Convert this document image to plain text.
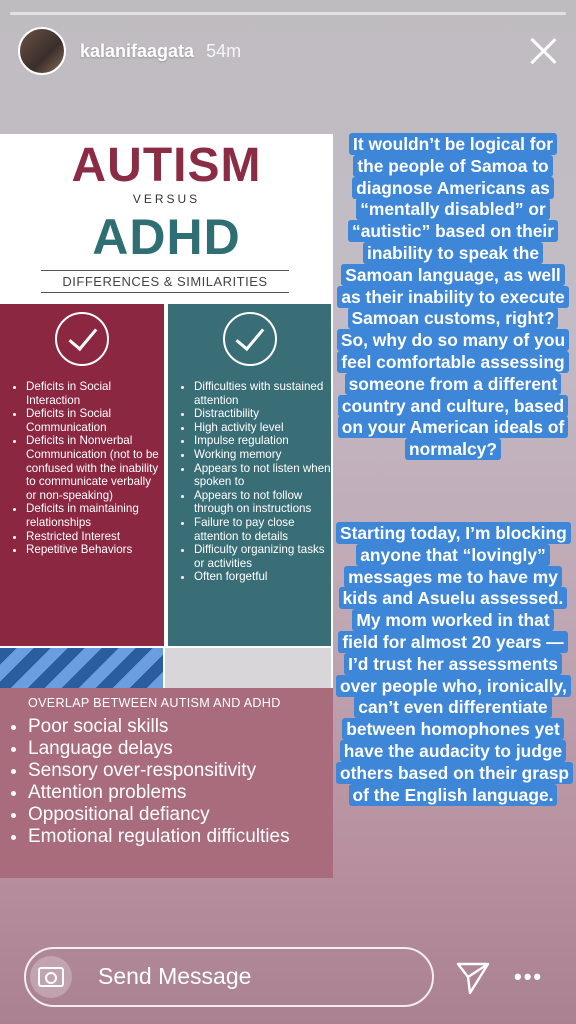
kalanifaagata 54m
AUTISM
VERSUS
ADHD
DIFFERENCES & SIMILARITIES
• Deficits in Social Interaction
• Deficits in Social Communication
• Deficits in Nonverbal Communication (not to be confused with the inability to communicate verbally or non-speaking)
• Deficits in maintaining relationships
• Restricted Interest
• Repetitive Behaviors
• Difficulties with sustained attention
• Distractibility
• High activity level
• Impulse regulation
• Working memory
• Appears to not listen when spoken to
• Appears to not follow through on instructions
• Failure to pay close attention to details
• Difficulty organizing tasks or activities
• Often forgetful
OVERLAP BETWEEN AUTISM AND ADHD
• Poor social skills
• Language delays
• Sensory over-responsitivity
• Attention problems
• Oppositional defiancy
• Emotional regulation difficulties
It wouldn’t be logical for the people of Samoa to diagnose Americans as “mentally disabled” or “autistic” based on their inability to speak the Samoan language, as well as their inability to execute Samoan customs, right? So, why do so many of you feel comfortable assessing someone from a different country and culture, based on your American ideals of normalcy?
Starting today, I’m blocking anyone that “lovingly” messages me to have my kids and Asuelu assessed. My mom worked in that field for almost 20 years —I’d trust her assessments over people who, ironically, can’t even differentiate between homophones yet have the audacity to judge others based on their grasp of the English language.
Send Message	•••
